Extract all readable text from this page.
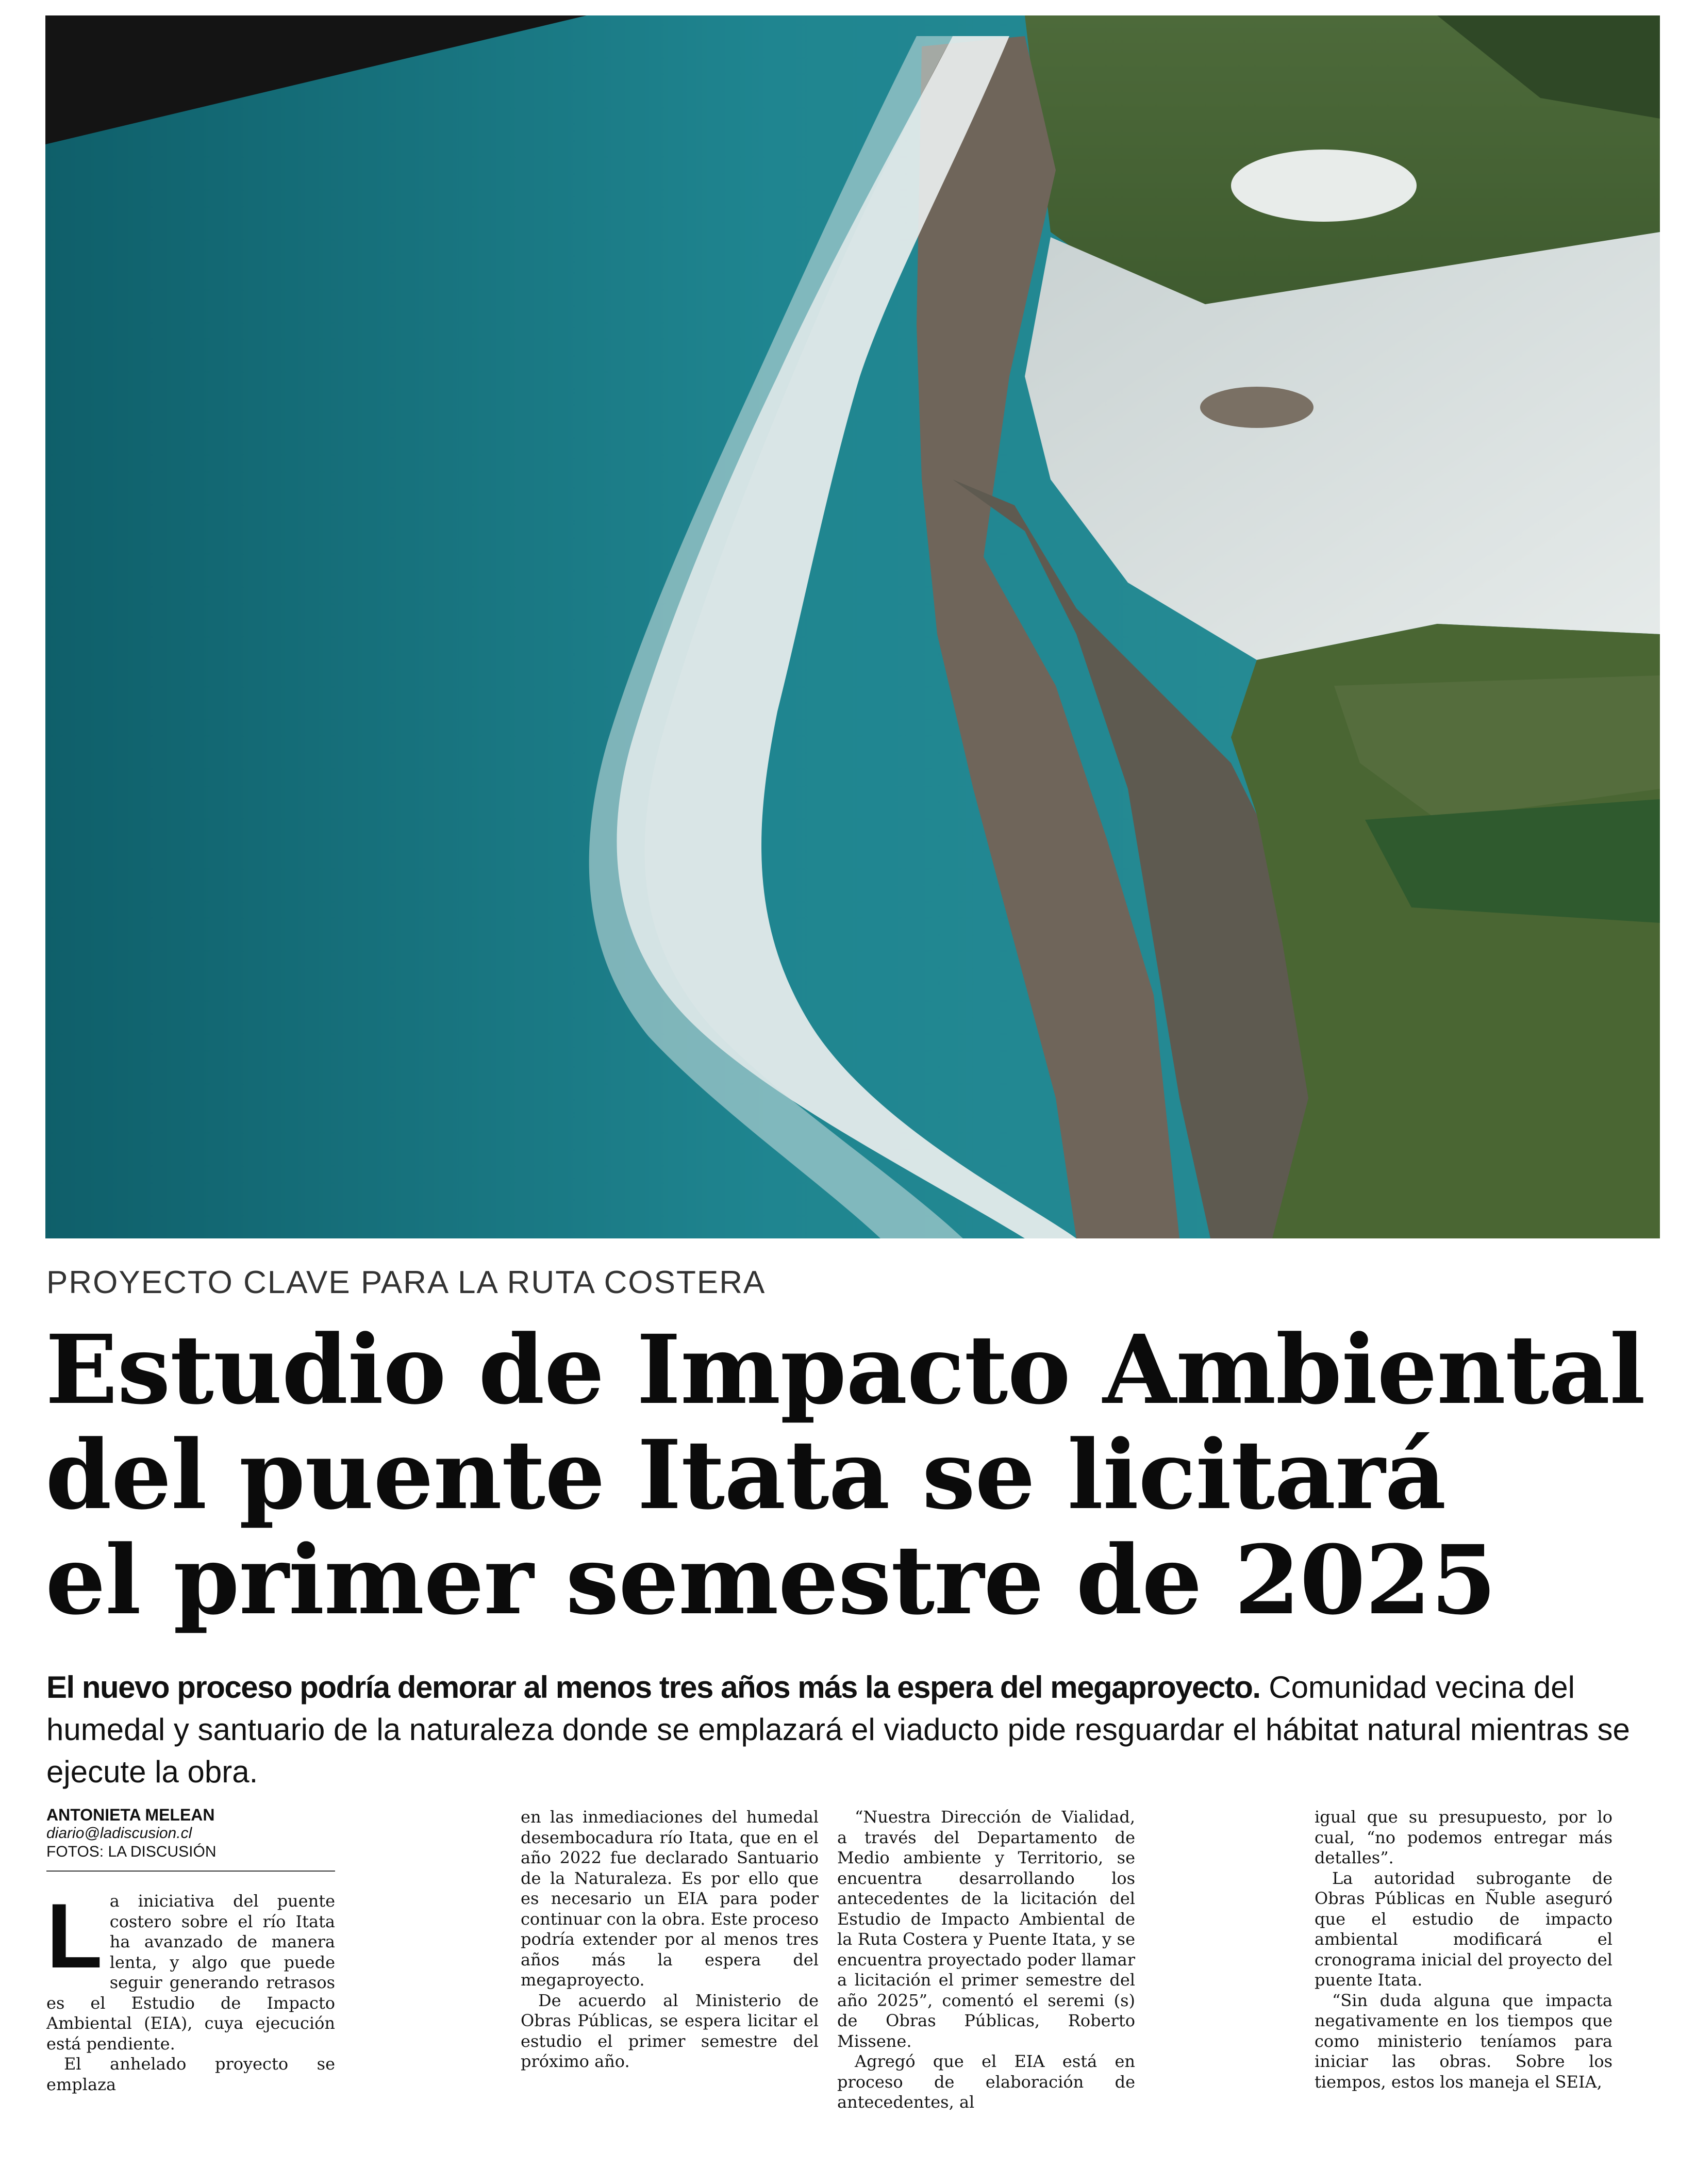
PROYECTO CLAVE PARA LA RUTA COSTERA
Estudio de Impacto Ambiental
del puente Itata se licitará
el primer semestre de 2025

El nuevo proceso podría demorar al menos tres años más la espera del megaproyecto. Comunidad vecina del humedal y santuario de la naturaleza donde se emplazará el viaducto pide resguardar el hábitat natural mientras se ejecute la obra.

ANTONIETA MELEAN
diario@ladiscusion.cl
FOTOS: LA DISCUSIÓN

La iniciativa del puente costero sobre el río Itata ha avanzado de manera lenta, y algo que puede seguir generando retrasos es el Estudio de Impacto Ambiental (EIA), cuya ejecución está pendiente.

El anhelado proyecto se emplaza

en las inmediaciones del humedal desembocadura río Itata, que en el año 2022 fue declarado Santuario de la Naturaleza. Es por ello que es necesario un EIA para poder continuar con la obra. Este proceso podría extender por al menos tres años más la espera del megaproyecto.

De acuerdo al Ministerio de Obras Públicas, se espera licitar el estudio el primer semestre del próximo año.

“Nuestra Dirección de Vialidad, a través del Departamento de Medio ambiente y Territorio, se encuentra desarrollando los antecedentes de la licitación del Estudio de Impacto Ambiental de la Ruta Costera y Puente Itata, y se encuentra proyectado poder llamar a licitación el primer semestre del año 2025”, comentó el seremi (s) de Obras Públicas, Roberto Missene.

Agregó que el EIA está en proceso de elaboración de antecedentes, al

igual que su presupuesto, por lo cual, “no podemos entregar más detalles”.

La autoridad subrogante de Obras Públicas en Ñuble aseguró que el estudio de impacto ambiental modificará el cronograma inicial del proyecto del puente Itata.

“Sin duda alguna que impacta negativamente en los tiempos que como ministerio teníamos para iniciar las obras. Sobre los tiempos, estos los maneja el SEIA,
